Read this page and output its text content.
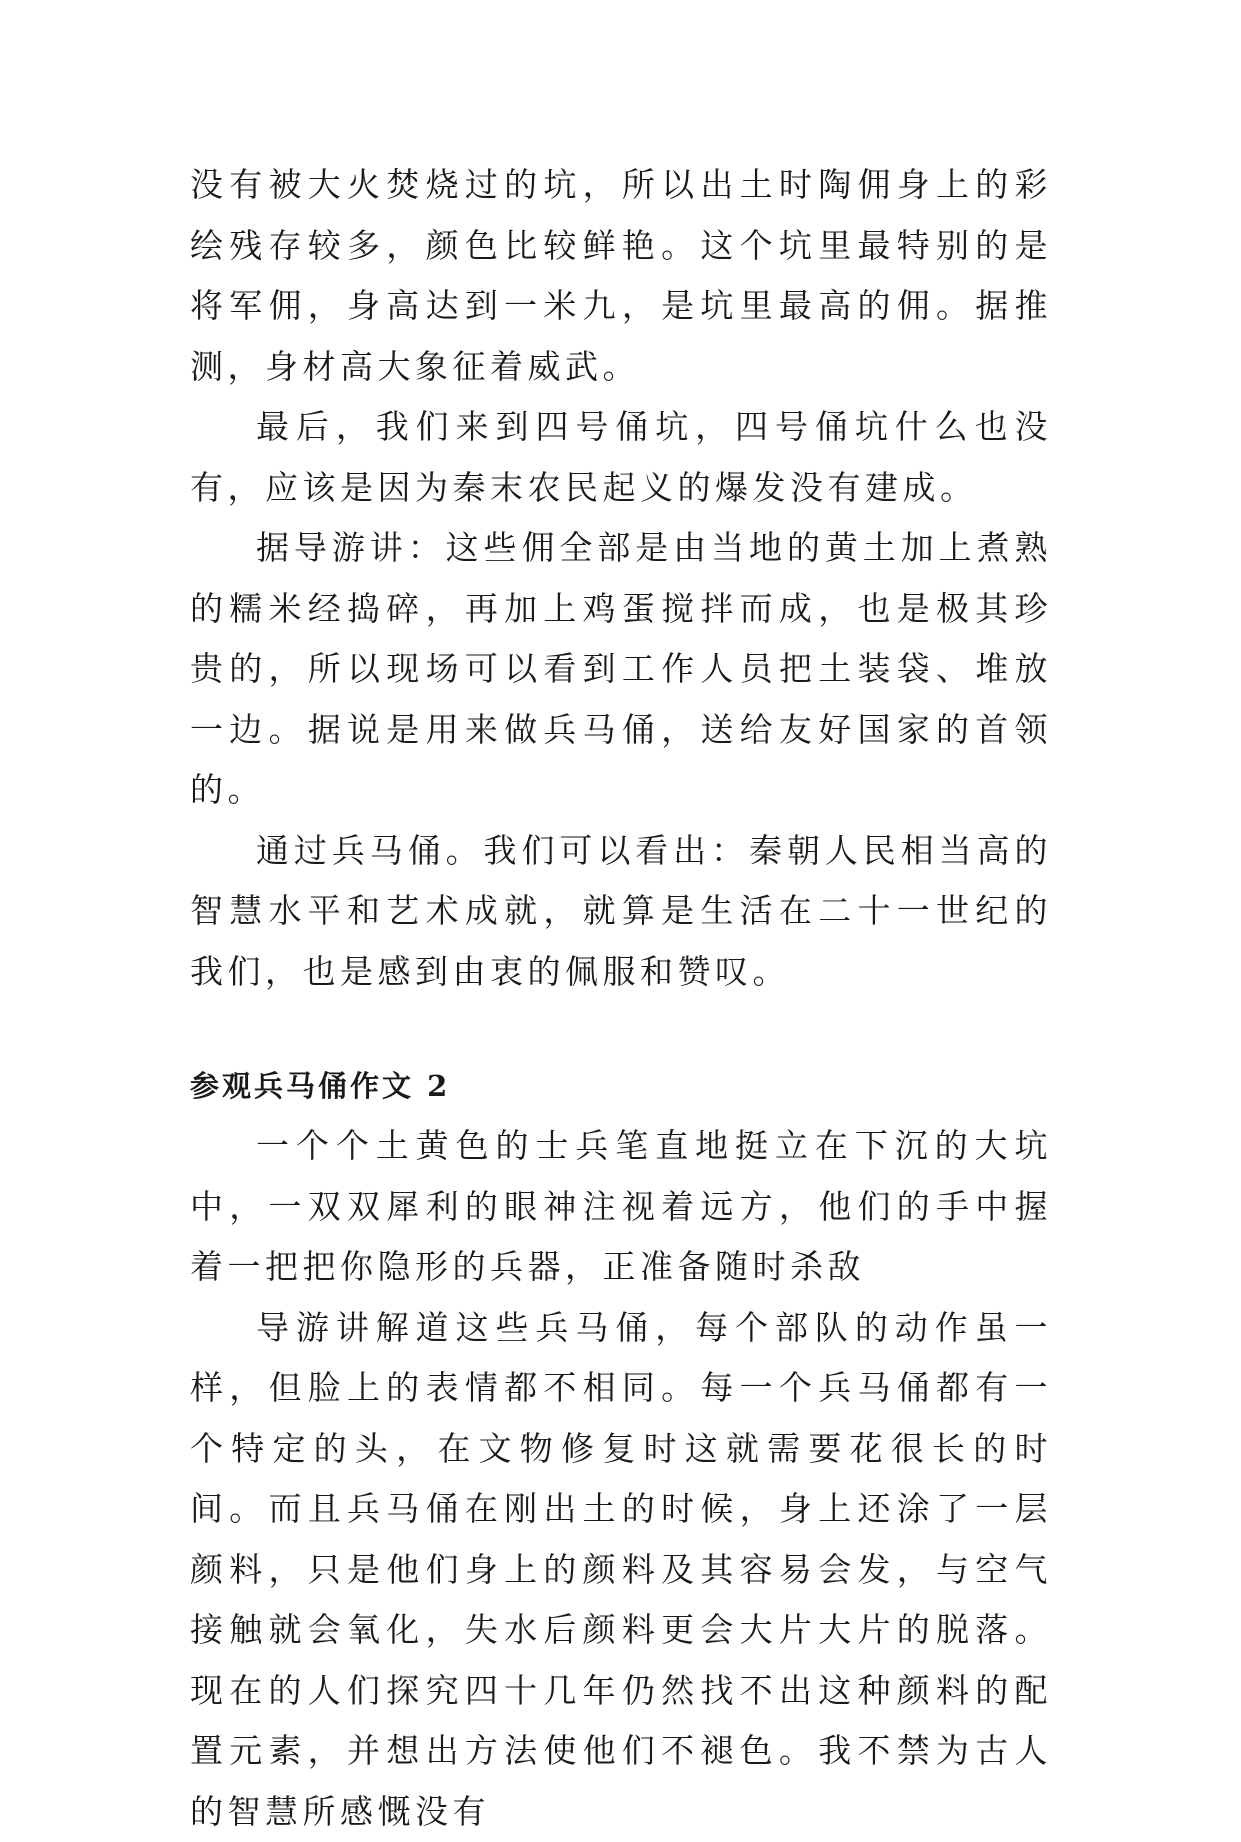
没有被大火焚烧过的坑，所以出土时陶佣身上的彩绘残存较多，颜色比较鲜艳。这个坑里最特别的是将军佣，身高达到一米九，是坑里最高的佣。据推测，身材高大象征着威武。

最后，我们来到四号俑坑，四号俑坑什么也没有，应该是因为秦末农民起义的爆发没有建成。

据导游讲：这些佣全部是由当地的黄土加上煮熟的糯米经捣碎，再加上鸡蛋搅拌而成，也是极其珍贵的，所以现场可以看到工作人员把土装袋、堆放一边。据说是用来做兵马俑，送给友好国家的首领的。

通过兵马俑。我们可以看出：秦朝人民相当高的智慧水平和艺术成就，就算是生活在二十一世纪的我们，也是感到由衷的佩服和赞叹。

参观兵马俑作文 2

一个个土黄色的士兵笔直地挺立在下沉的大坑中，一双双犀利的眼神注视着远方，他们的手中握着一把把你隐形的兵器，正准备随时杀敌

导游讲解道这些兵马俑，每个部队的动作虽一样，但脸上的表情都不相同。每一个兵马俑都有一个特定的头，在文物修复时这就需要花很长的时间。而且兵马俑在刚出土的时候，身上还涂了一层颜料，只是他们身上的颜料及其容易会发，与空气接触就会氧化，失水后颜料更会大片大片的脱落。现在的人们探究四十几年仍然找不出这种颜料的配置元素，并想出方法使他们不褪色。我不禁为古人的智慧所感慨没有
